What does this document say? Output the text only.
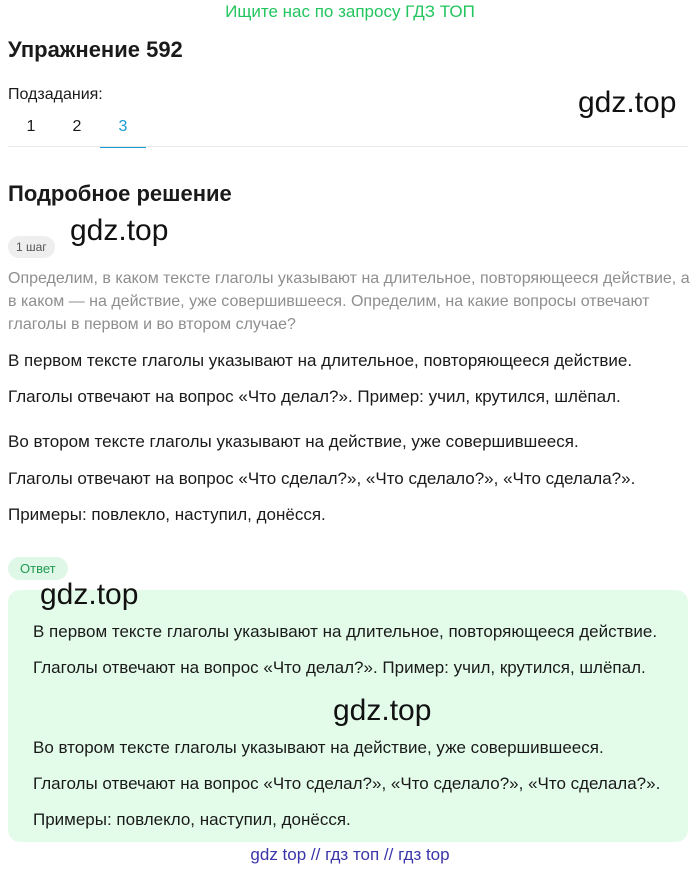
Ищите нас по запросу ГДЗ ТОП
Упражнение 592
Подзадания:
1	2	3
gdz.top
Подробное решение
gdz.top
1 шаг

Определим, в каком тексте глаголы указывают на длительное, повторяющееся действие, а в каком — на действие, уже совершившееся. Определим, на какие вопросы отвечают глаголы в первом и во втором случае?

В первом тексте глаголы указывают на длительное, повторяющееся действие.

Глаголы отвечают на вопрос «Что делал?». Пример: учил, крутился, шлёпал.

Во втором тексте глаголы указывают на действие, уже совершившееся.

Глаголы отвечают на вопрос «Что сделал?», «Что сделало?», «Что сделала?».

Примеры: повлекло, наступил, донёсся.

Ответ

В первом тексте глаголы указывают на длительное, повторяющееся действие. Глаголы отвечают на вопрос «Что делал?». Пример: учил, крутился, шлёпал.

Во втором тексте глаголы указывают на действие, уже совершившееся. Глаголы отвечают на вопрос «Что сделал?», «Что сделало?», «Что сделала?». Примеры: повлекло, наступил, донёсся.

gdz.top
gdz.top
gdz top // гдз топ // гдз top
